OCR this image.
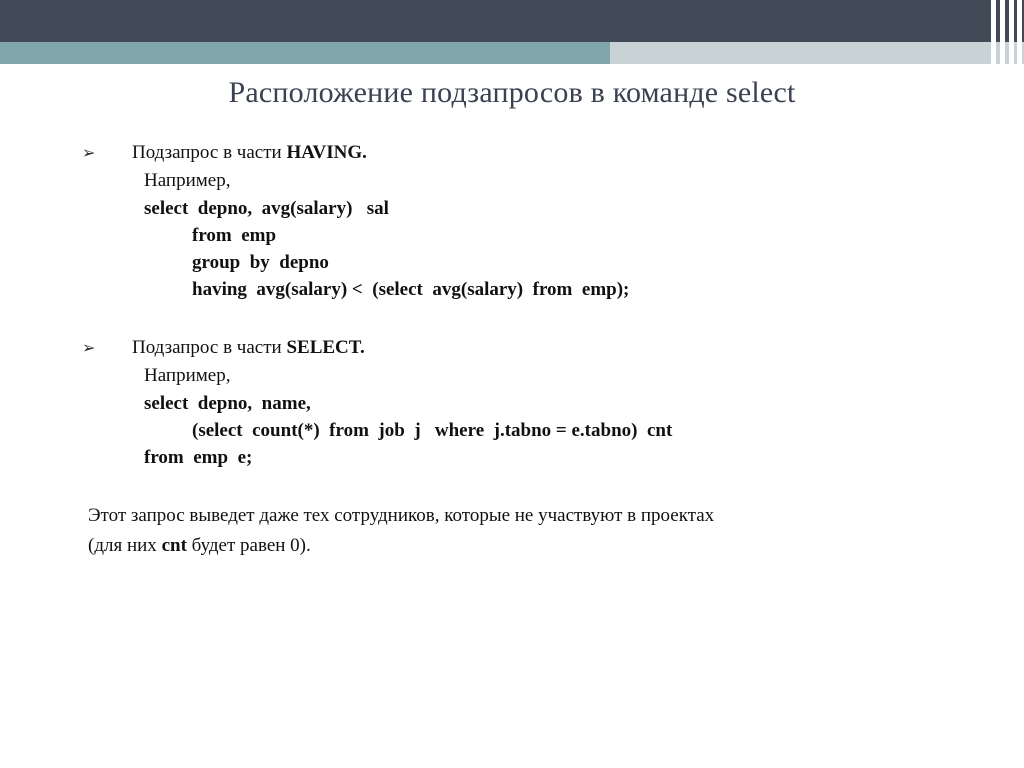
Расположение подзапросов в команде select
➢	Подзапрос в части HAVING.
Например,
select  depno,  avg(salary)   sal
from  emp
group  by  depno
having  avg(salary) <  (select  avg(salary)  from  emp);
➢	Подзапрос в части SELECT.
Например,
select  depno,  name,
(select  count(*)  from  job  j   where  j.tabno = e.tabno)  cnt
from  emp  e;
Этот запрос выведет даже тех сотрудников, которые не участвуют в проектах
(для них cnt будет равен 0).
